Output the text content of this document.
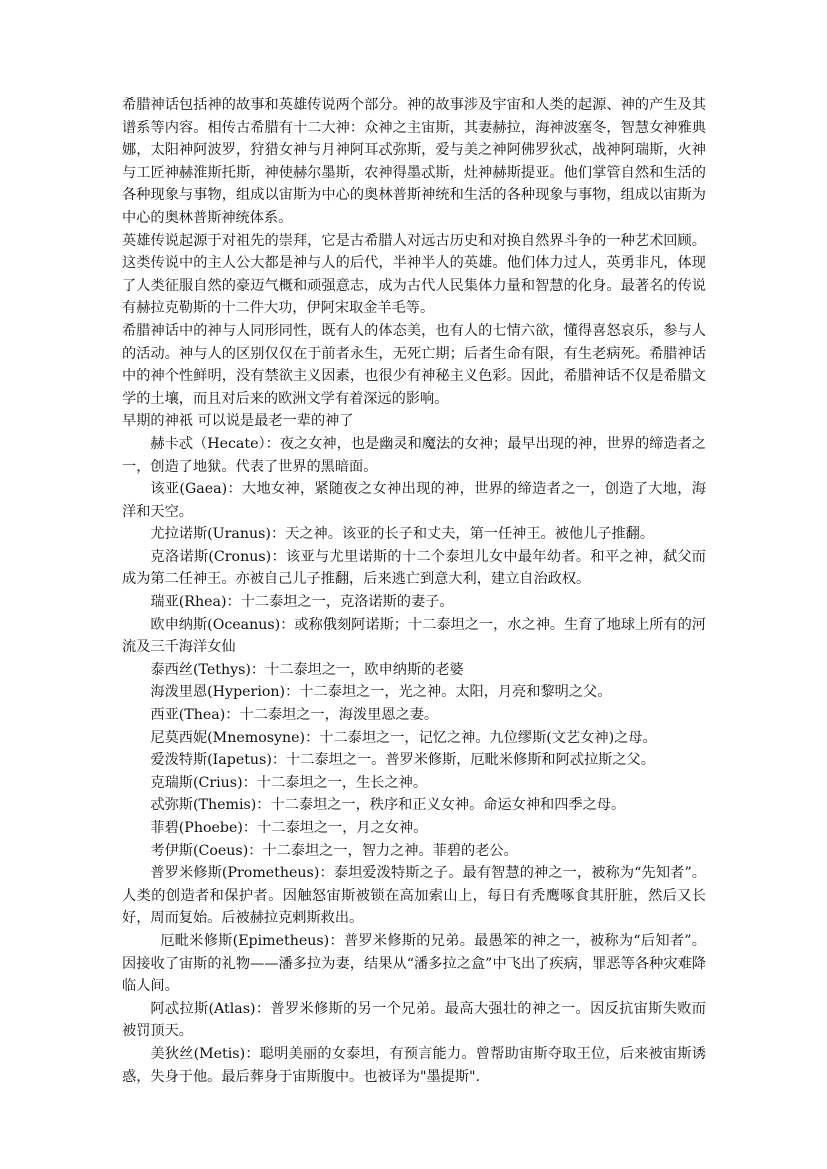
希腊神话包括神的故事和英雄传说两个部分。神的故事涉及宇宙和人类的起源、神的产生及其谱系等内容。相传古希腊有十二大神：众神之主宙斯，其妻赫拉，海神波塞冬，智慧女神雅典娜，太阳神阿波罗，狩猎女神与月神阿耳忒弥斯，爱与美之神阿佛罗狄忒，战神阿瑞斯，火神与工匠神赫淮斯托斯，神使赫尔墨斯，农神得墨忒斯，灶神赫斯提亚。他们掌管自然和生活的各种现象与事物，组成以宙斯为中心的奥林普斯神统和生活的各种现象与事物，组成以宙斯为中心的奥林普斯神统体系。

英雄传说起源于对祖先的崇拜，它是古希腊人对远古历史和对换自然界斗争的一种艺术回顾。这类传说中的主人公大都是神与人的后代，半神半人的英雄。他们体力过人，英勇非凡，体现了人类征服自然的豪迈气概和顽强意志，成为古代人民集体力量和智慧的化身。最著名的传说有赫拉克勒斯的十二件大功，伊阿宋取金羊毛等。

希腊神话中的神与人同形同性，既有人的体态美，也有人的七情六欲，懂得喜怒哀乐，参与人的活动。神与人的区别仅仅在于前者永生，无死亡期；后者生命有限，有生老病死。希腊神话中的神个性鲜明，没有禁欲主义因素，也很少有神秘主义色彩。因此，希腊神话不仅是希腊文学的土壤，而且对后来的欧洲文学有着深远的影响。

早期的神祇 可以说是最老一辈的神了

赫卡忒（Hecate）：夜之女神，也是幽灵和魔法的女神；最早出现的神，世界的缔造者之一，创造了地狱。代表了世界的黑暗面。

该亚(Gaea)：大地女神，紧随夜之女神出现的神，世界的缔造者之一，创造了大地，海洋和天空。

尤拉诺斯(Uranus)：天之神。该亚的长子和丈夫，第一任神王。被他儿子推翻。

克洛诺斯(Cronus)：该亚与尤里诺斯的十二个泰坦儿女中最年幼者。和平之神，弑父而成为第二任神王。亦被自己儿子推翻，后来逃亡到意大利，建立自治政权。

瑞亚(Rhea)：十二泰坦之一，克洛诺斯的妻子。

欧申纳斯(Oceanus)：或称俄刻阿诺斯；十二泰坦之一，水之神。生育了地球上所有的河流及三千海洋女仙

泰西丝(Tethys)：十二泰坦之一，欧申纳斯的老婆

海泼里恩(Hyperion)：十二泰坦之一，光之神。太阳，月亮和黎明之父。

西亚(Thea)：十二泰坦之一，海泼里恩之妻。

尼莫西妮(Mnemosyne)：十二泰坦之一，记忆之神。九位缪斯(文艺女神)之母。

爱泼特斯(Iapetus)：十二泰坦之一。普罗米修斯，厄毗米修斯和阿忒拉斯之父。

克瑞斯(Crius)：十二泰坦之一，生长之神。

忒弥斯(Themis)：十二泰坦之一，秩序和正义女神。命运女神和四季之母。

菲碧(Phoebe)：十二泰坦之一，月之女神。

考伊斯(Coeus)：十二泰坦之一，智力之神。菲碧的老公。

普罗米修斯(Prometheus)：泰坦爱泼特斯之子。最有智慧的神之一，被称为“先知者”。人类的创造者和保护者。因触怒宙斯被锁在高加索山上，每日有秃鹰啄食其肝脏，然后又长好，周而复始。后被赫拉克剌斯救出。

厄毗米修斯(Epimetheus)：普罗米修斯的兄弟。最愚笨的神之一，被称为“后知者”。因接收了宙斯的礼物——潘多拉为妻，结果从“潘多拉之盒”中飞出了疾病，罪恶等各种灾难降临人间。

阿忒拉斯(Atlas)：普罗米修斯的另一个兄弟。最高大强壮的神之一。因反抗宙斯失败而被罚顶天。

美狄丝(Metis)：聪明美丽的女泰坦，有预言能力。曾帮助宙斯夺取王位，后来被宙斯诱惑，失身于他。最后葬身于宙斯腹中。也被译为"墨提斯".
